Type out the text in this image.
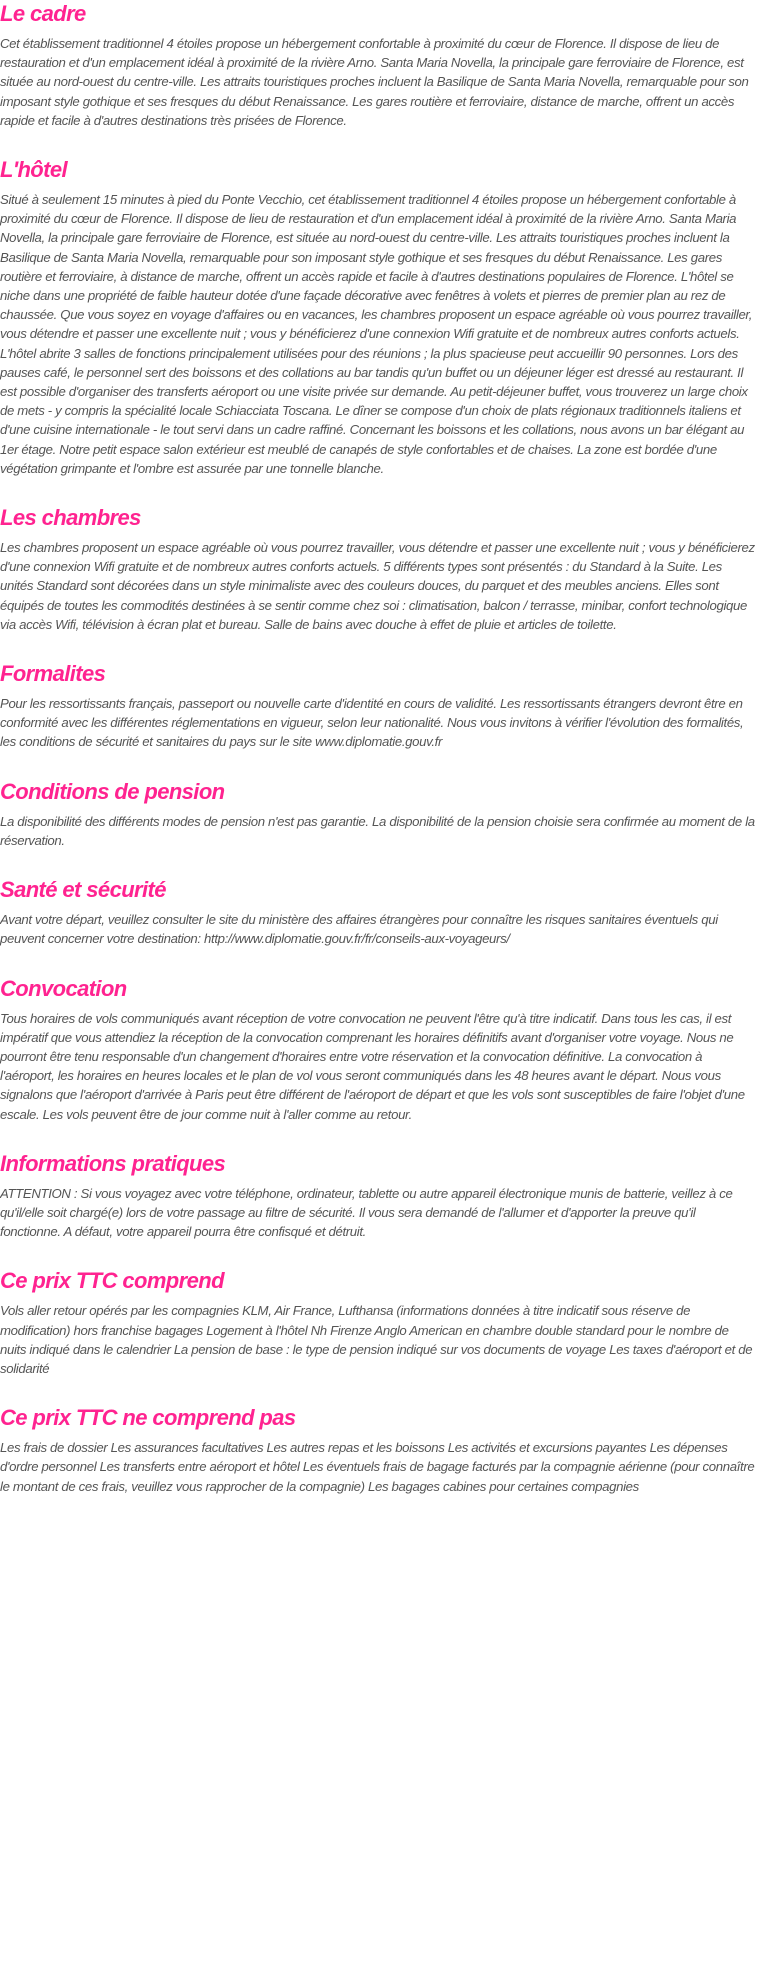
Le cadre

Cet établissement traditionnel 4 étoiles propose un hébergement confortable à proximité du cœur de Florence. Il dispose de lieu de restauration et d'un emplacement idéal à proximité de la rivière Arno. Santa Maria Novella, la principale gare ferroviaire de Florence, est située au nord-ouest du centre-ville. Les attraits touristiques proches incluent la Basilique de Santa Maria Novella, remarquable pour son imposant style gothique et ses fresques du début Renaissance. Les gares routière et ferroviaire, distance de marche, offrent un accès rapide et facile à d'autres destinations très prisées de Florence.

L'hôtel

Situé à seulement 15 minutes à pied du Ponte Vecchio, cet établissement traditionnel 4 étoiles propose un hébergement confortable à proximité du cœur de Florence. Il dispose de lieu de restauration et d'un emplacement idéal à proximité de la rivière Arno. Santa Maria Novella, la principale gare ferroviaire de Florence, est située au nord-ouest du centre-ville. Les attraits touristiques proches incluent la Basilique de Santa Maria Novella, remarquable pour son imposant style gothique et ses fresques du début Renaissance. Les gares routière et ferroviaire, à distance de marche, offrent un accès rapide et facile à d'autres destinations populaires de Florence. L'hôtel se niche dans une propriété de faible hauteur dotée d'une façade décorative avec fenêtres à volets et pierres de premier plan au rez de chaussée. Que vous soyez en voyage d'affaires ou en vacances, les chambres proposent un espace agréable où vous pourrez travailler, vous détendre et passer une excellente nuit ; vous y bénéficierez d'une connexion Wifi gratuite et de nombreux autres conforts actuels. L'hôtel abrite 3 salles de fonctions principalement utilisées pour des réunions ; la plus spacieuse peut accueillir 90 personnes. Lors des pauses café, le personnel sert des boissons et des collations au bar tandis qu'un buffet ou un déjeuner léger est dressé au restaurant. Il est possible d'organiser des transferts aéroport ou une visite privée sur demande. Au petit-déjeuner buffet, vous trouverez un large choix de mets - y compris la spécialité locale Schiacciata Toscana. Le dîner se compose d'un choix de plats régionaux traditionnels italiens et d'une cuisine internationale - le tout servi dans un cadre raffiné. Concernant les boissons et les collations, nous avons un bar élégant au 1er étage. Notre petit espace salon extérieur est meublé de canapés de style confortables et de chaises. La zone est bordée d'une végétation grimpante et l'ombre est assurée par une tonnelle blanche.

Les chambres

Les chambres proposent un espace agréable où vous pourrez travailler, vous détendre et passer une excellente nuit ; vous y bénéficierez d'une connexion Wifi gratuite et de nombreux autres conforts actuels. 5 différents types sont présentés : du Standard à la Suite. Les unités Standard sont décorées dans un style minimaliste avec des couleurs douces, du parquet et des meubles anciens. Elles sont équipés de toutes les commodités destinées à se sentir comme chez soi : climatisation, balcon / terrasse, minibar, confort technologique via accès Wifi, télévision à écran plat et bureau. Salle de bains avec douche à effet de pluie et articles de toilette.

Formalites

Pour les ressortissants français, passeport ou nouvelle carte d'identité en cours de validité. Les ressortissants étrangers devront être en conformité avec les différentes réglementations en vigueur, selon leur nationalité. Nous vous invitons à vérifier l'évolution des formalités, les conditions de sécurité et sanitaires du pays sur le site www.diplomatie.gouv.fr

Conditions de pension

La disponibilité des différents modes de pension n'est pas garantie. La disponibilité de la pension choisie sera confirmée au moment de la réservation.

Santé et sécurité

Avant votre départ, veuillez consulter le site du ministère des affaires étrangères pour connaître les risques sanitaires éventuels qui peuvent concerner votre destination: http://www.diplomatie.gouv.fr/fr/conseils-aux-voyageurs/

Convocation

Tous horaires de vols communiqués avant réception de votre convocation ne peuvent l'être qu'à titre indicatif. Dans tous les cas, il est impératif que vous attendiez la réception de la convocation comprenant les horaires définitifs avant d'organiser votre voyage. Nous ne pourront être tenu responsable d'un changement d'horaires entre votre réservation et la convocation définitive. La convocation à l'aéroport, les horaires en heures locales et le plan de vol vous seront communiqués dans les 48 heures avant le départ. Nous vous signalons que l'aéroport d'arrivée à Paris peut être différent de l'aéroport de départ et que les vols sont susceptibles de faire l'objet d'une escale. Les vols peuvent être de jour comme nuit à l'aller comme au retour.

Informations pratiques

ATTENTION : Si vous voyagez avec votre téléphone, ordinateur, tablette ou autre appareil électronique munis de batterie, veillez à ce qu'il/elle soit chargé(e) lors de votre passage au filtre de sécurité. Il vous sera demandé de l'allumer et d'apporter la preuve qu'il fonctionne. A défaut, votre appareil pourra être confisqué et détruit.

Ce prix TTC comprend

Vols aller retour opérés par les compagnies KLM, Air France, Lufthansa (informations données à titre indicatif sous réserve de modification) hors franchise bagages Logement à l'hôtel Nh Firenze Anglo American en chambre double standard pour le nombre de nuits indiqué dans le calendrier La pension de base : le type de pension indiqué sur vos documents de voyage Les taxes d'aéroport et de solidarité

Ce prix TTC ne comprend pas

Les frais de dossier Les assurances facultatives Les autres repas et les boissons Les activités et excursions payantes Les dépenses d'ordre personnel Les transferts entre aéroport et hôtel Les éventuels frais de bagage facturés par la compagnie aérienne (pour connaître le montant de ces frais, veuillez vous rapprocher de la compagnie) Les bagages cabines pour certaines compagnies
